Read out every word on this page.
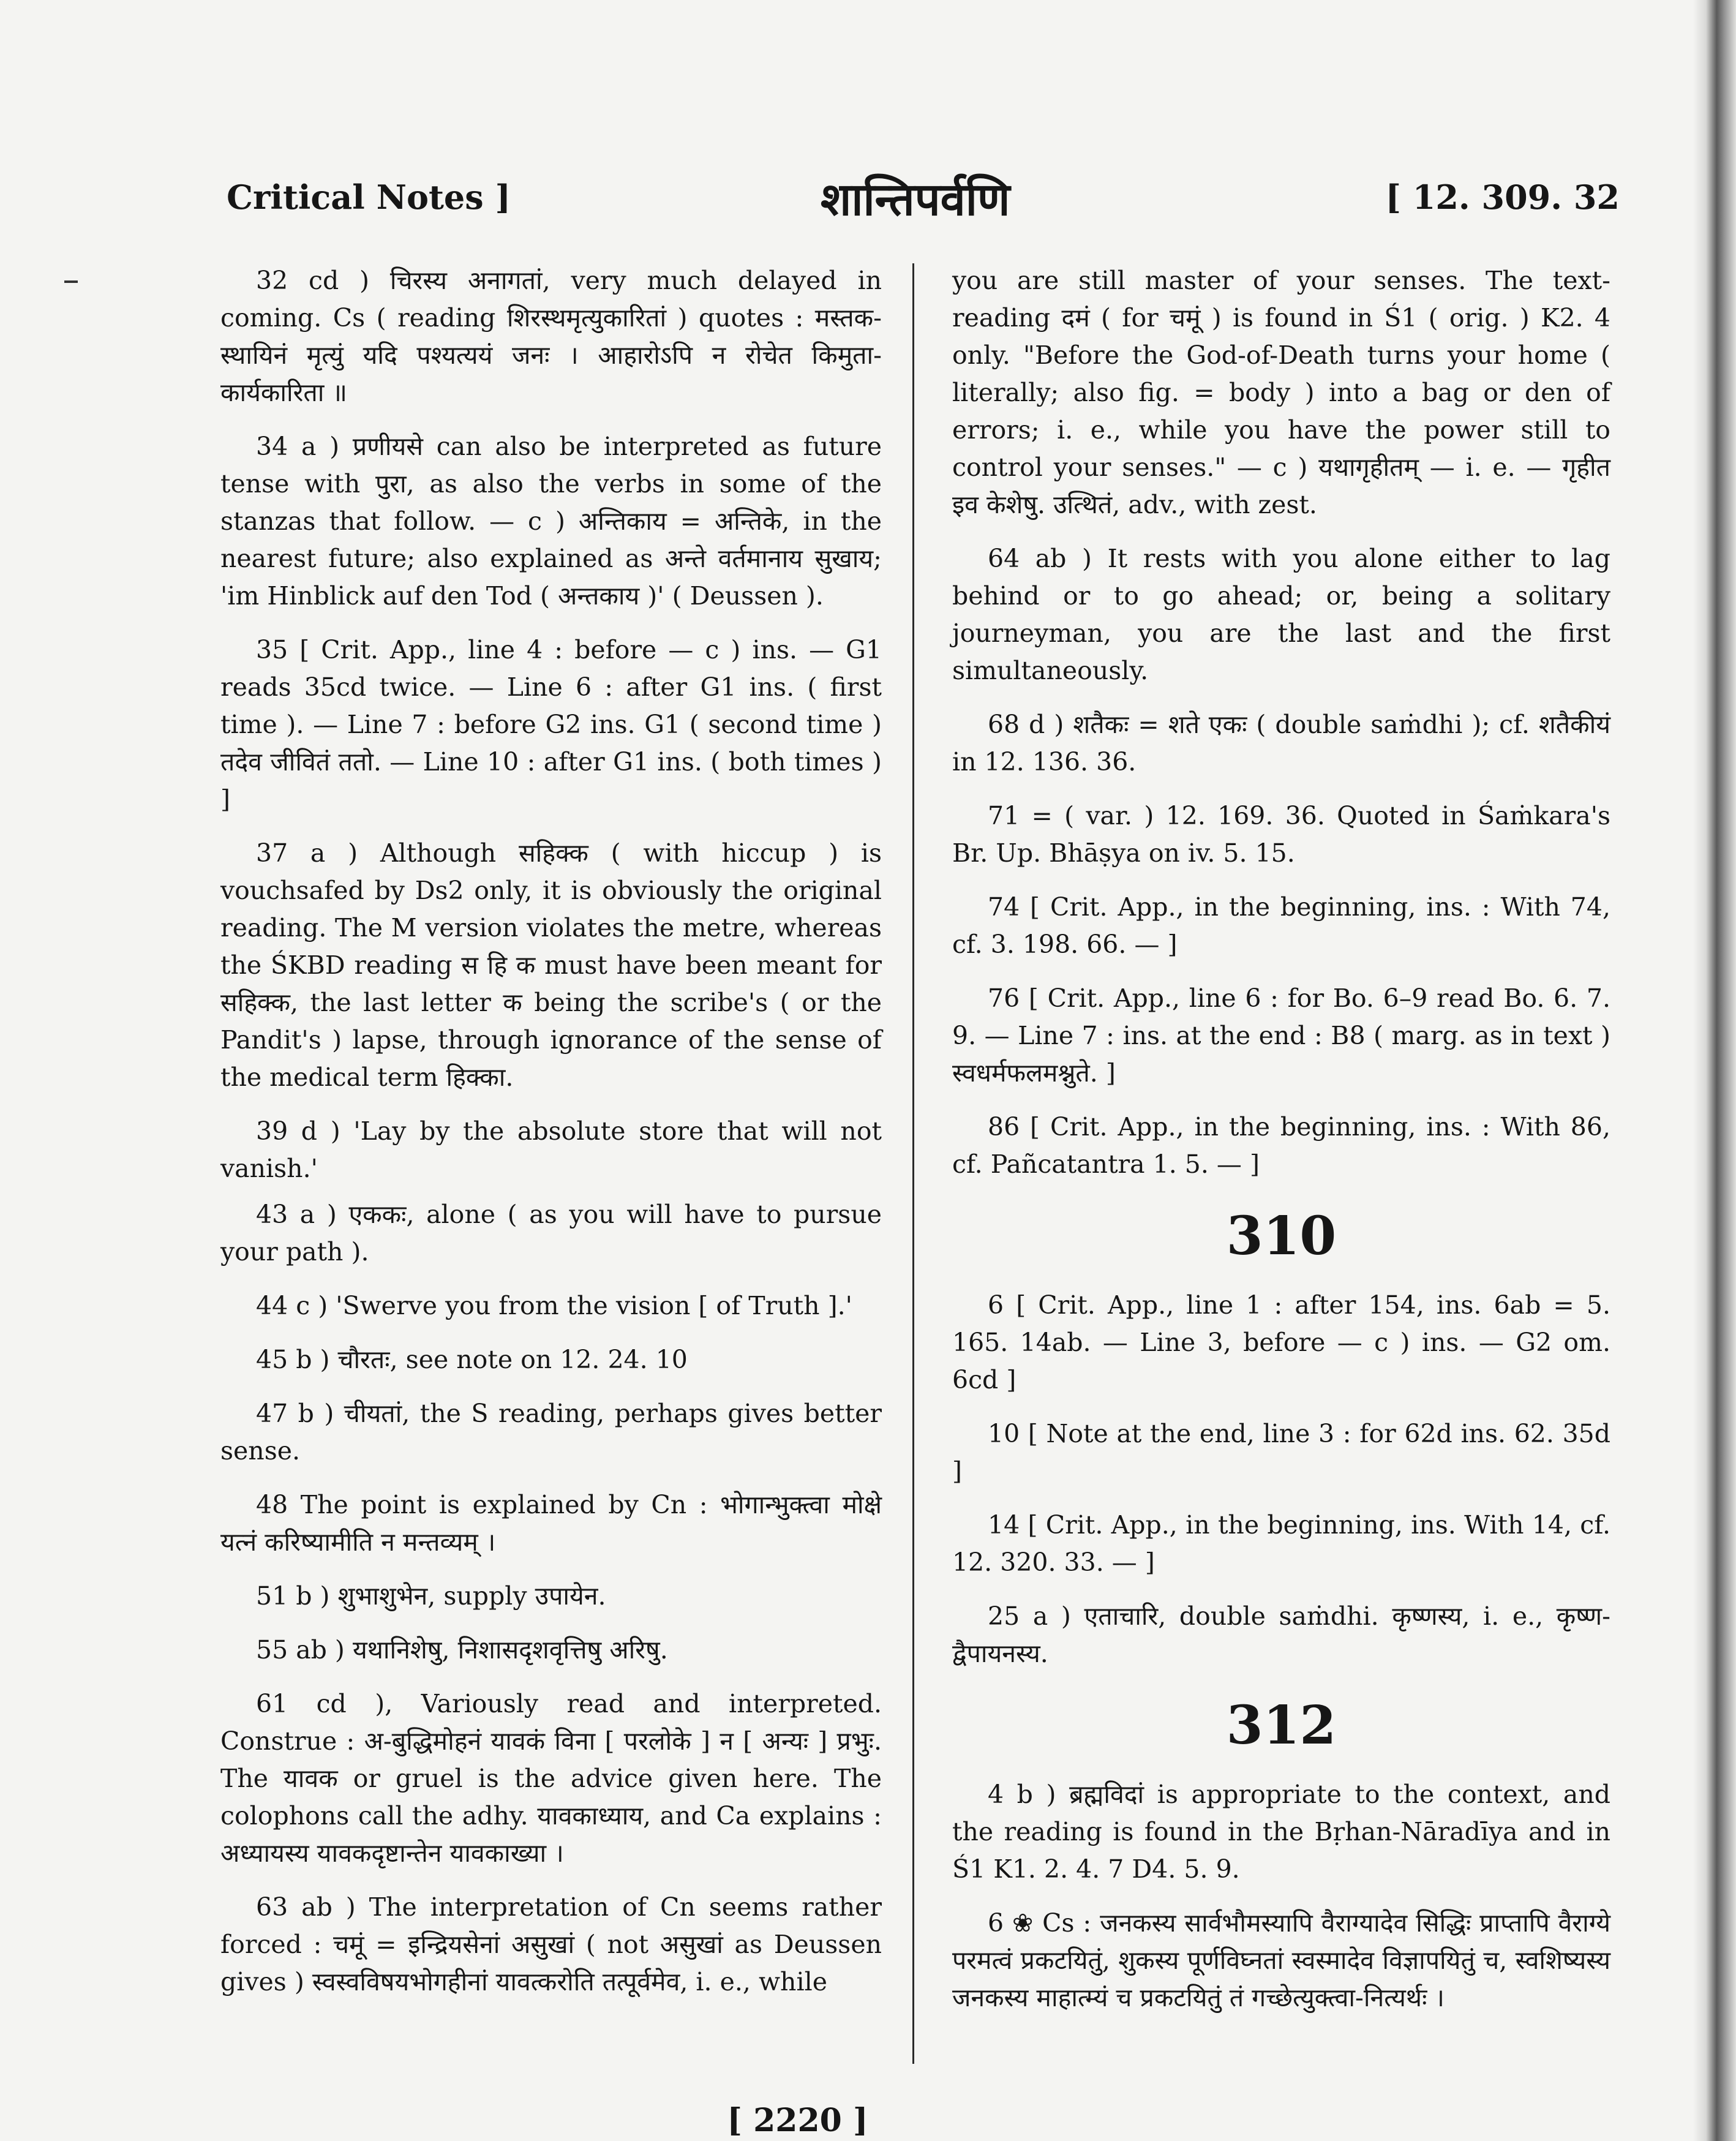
Critical Notes ]	शान्तिपर्वणि	[ 12. 309. 32

32 cd ) चिरस्य अनागतां, very much delayed in coming. Cs ( reading शिरस्थमृत्युकारितां ) quotes : मस्तक-स्थायिनं मृत्युं यदि पश्यत्ययं जनः । आहारोऽपि न रोचेत किमुता-कार्यकारिता ॥

34 a ) प्रणीयसे can also be interpreted as future tense with पुरा, as also the verbs in some of the stanzas that follow. — c ) अन्तिकाय = अन्तिके, in the nearest future; also explained as अन्ते वर्तमानाय सुखाय; 'im Hinblick auf den Tod ( अन्तकाय )' ( Deussen ).

35 [ Crit. App., line 4 : before — c ) ins. — G1 reads 35cd twice. — Line 6 : after G1 ins. ( first time ). — Line 7 : before G2 ins. G1 ( second time ) तदेव जीवितं ततो. — Line 10 : after G1 ins. ( both times ) ]

37 a ) Although सहिक्क ( with hiccup ) is vouchsafed by Ds2 only, it is obviously the original reading. The M version violates the metre, whereas the ŚKBD reading स हि क must have been meant for सहिक्क, the last letter क being the scribe's ( or the Pandit's ) lapse, through ignorance of the sense of the medical term हिक्का.

39 d ) 'Lay by the absolute store that will not vanish.'

43 a ) एककः, alone ( as you will have to pursue your path ).

44 c ) 'Swerve you from the vision [ of Truth ].'

45 b ) चौरतः, see note on 12. 24. 10

47 b ) चीयतां, the S reading, perhaps gives better sense.

48 The point is explained by Cn : भोगान्भुक्त्वा मोक्षे यत्नं करिष्यामीति न मन्तव्यम् ।

51 b ) शुभाशुभेन, supply उपायेन.

55 ab ) यथानिशेषु, निशासदृशवृत्तिषु अरिषु.

61 cd ), Variously read and interpreted. Construe : अ-बुद्धिमोहनं यावकं विना [ परलोके ] न [ अन्यः ] प्रभुः. The यावक or gruel is the advice given here. The colophons call the adhy. यावकाध्याय, and Ca explains : अध्यायस्य यावकदृष्टान्तेन यावकाख्या ।

63 ab ) The interpretation of Cn seems rather forced : चमूं = इन्द्रियसेनां असुखां ( not असुखां as Deussen gives ) स्वस्वविषयभोगहीनां यावत्करोति तत्पूर्वमेव, i. e., while

you are still master of your senses. The text-reading दमं ( for चमूं ) is found in Ś1 ( orig. ) K2. 4 only. "Before the God-of-Death turns your home ( literally; also fig. = body ) into a bag or den of errors; i. e., while you have the power still to control your senses." — c ) यथागृहीतम् — i. e. — गृहीत इव केशेषु. उत्थितं, adv., with zest.

64 ab ) It rests with you alone either to lag behind or to go ahead; or, being a solitary journeyman, you are the last and the first simultaneously.

68 d ) शतैकः = शते एकः ( double saṁdhi ); cf. शतैकीयं in 12. 136. 36.

71 = ( var. ) 12. 169. 36. Quoted in Śaṁkara's Br. Up. Bhāṣya on iv. 5. 15.

74 [ Crit. App., in the beginning, ins. : With 74, cf. 3. 198. 66. — ]

76 [ Crit. App., line 6 : for Bo. 6–9 read Bo. 6. 7. 9. — Line 7 : ins. at the end : B8 ( marg. as in text ) स्वधर्मफलमश्नुते. ]

86 [ Crit. App., in the beginning, ins. : With 86, cf. Pañcatantra 1. 5. — ]

310

6 [ Crit. App., line 1 : after 154, ins. 6ab = 5. 165. 14ab. — Line 3, before — c ) ins. — G2 om. 6cd ]

10 [ Note at the end, line 3 : for 62d ins. 62. 35d ]

14 [ Crit. App., in the beginning, ins. With 14, cf. 12. 320. 33. — ]

25 a ) एताचारि, double saṁdhi. कृष्णस्य, i. e., कृष्ण-द्वैपायनस्य.

312

4 b ) ब्रह्मविदां is appropriate to the context, and the reading is found in the Bṛhan-Nāradīya and in Ś1 K1. 2. 4. 7 D4. 5. 9.

6 ❀ Cs : जनकस्य सार्वभौमस्यापि वैराग्यादेव सिद्धिः प्राप्तापि वैराग्ये परमत्वं प्रकटयितुं, शुकस्य पूर्णविघ्नतां स्वस्मादेव विज्ञापयितुं च, स्वशिष्यस्य जनकस्य माहात्म्यं च प्रकटयितुं तं गच्छेत्युक्त्वा-नित्यर्थः ।

[ 2220 ]
